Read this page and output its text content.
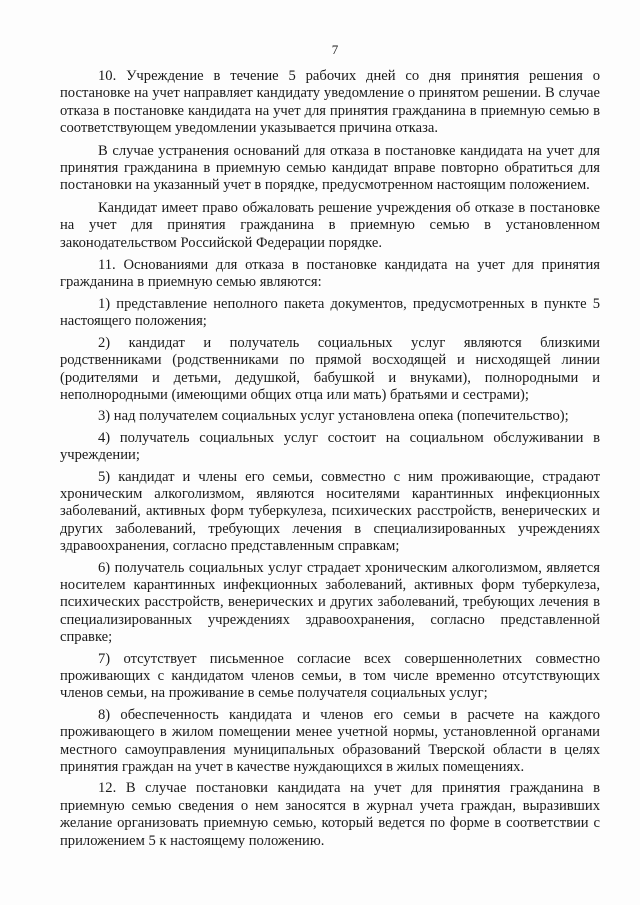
7

10. Учреждение в течение 5 рабочих дней со дня принятия решения о постановке на учет направляет кандидату уведомление о принятом решении. В случае отказа в постановке кандидата на учет для принятия гражданина в приемную семью в соответствующем уведомлении указывается причина отказа.

В случае устранения оснований для отказа в постановке кандидата на учет для принятия гражданина в приемную семью кандидат вправе повторно обратиться для постановки на указанный учет в порядке, предусмотренном настоящим положением.

Кандидат имеет право обжаловать решение учреждения об отказе в постановке на учет для принятия гражданина в приемную семью в установленном законодательством Российской Федерации порядке.

11. Основаниями для отказа в постановке кандидата на учет для принятия гражданина в приемную семью являются:

1) представление неполного пакета документов, предусмотренных в пункте 5 настоящего положения;

2) кандидат и получатель социальных услуг являются близкими родственниками (родственниками по прямой восходящей и нисходящей линии (родителями и детьми, дедушкой, бабушкой и внуками), полнородными и неполнородными (имеющими общих отца или мать) братьями и сестрами);

3) над получателем социальных услуг установлена опека (попечительство);

4) получатель социальных услуг состоит на социальном обслуживании в учреждении;

5) кандидат и члены его семьи, совместно с ним проживающие, страдают хроническим алкоголизмом, являются носителями карантинных инфекционных заболеваний, активных форм туберкулеза, психических расстройств, венерических и других заболеваний, требующих лечения в специализированных учреждениях здравоохранения, согласно представленным справкам;

6) получатель социальных услуг страдает хроническим алкоголизмом, является носителем карантинных инфекционных заболеваний, активных форм туберкулеза, психических расстройств, венерических и других заболеваний, требующих лечения в специализированных учреждениях здравоохранения, согласно представленной справке;

7) отсутствует письменное согласие всех совершеннолетних совместно проживающих с кандидатом членов семьи, в том числе временно отсутствующих членов семьи, на проживание в семье получателя социальных услуг;

8) обеспеченность кандидата и членов его семьи в расчете на каждого проживающего в жилом помещении менее учетной нормы, установленной органами местного самоуправления муниципальных образований Тверской области в целях принятия граждан на учет в качестве нуждающихся в жилых помещениях.

12. В случае постановки кандидата на учет для принятия гражданина в приемную семью сведения о нем заносятся в журнал учета граждан, выразивших желание организовать приемную семью, который ведется по форме в соответствии с приложением 5 к настоящему положению.
